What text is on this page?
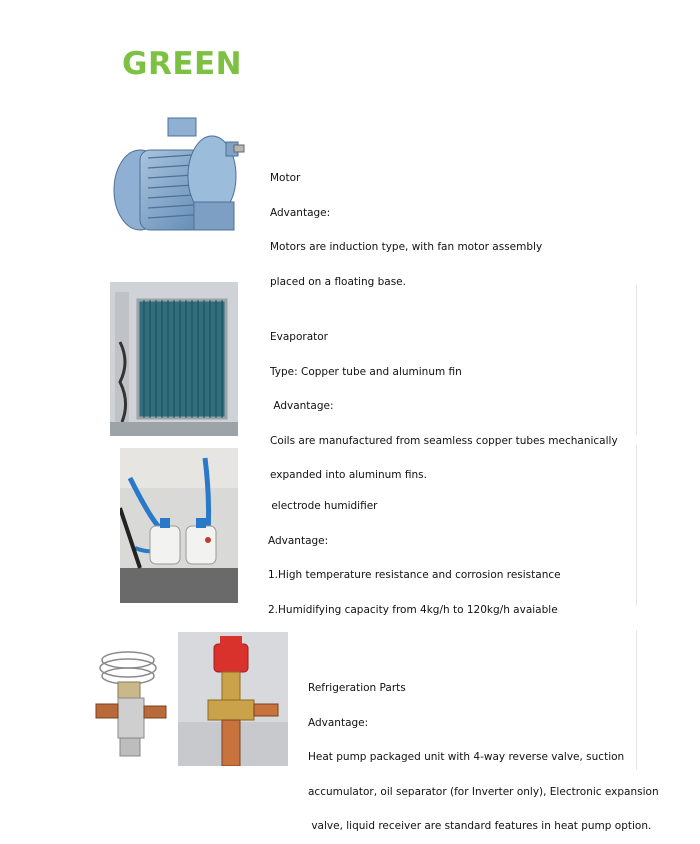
GREEN

Motor

Advantage:

Motors are induction type, with fan motor assembly

placed on a floating base.

Evaporator

Type: Copper tube and aluminum fin

Advantage:

Coils are manufactured from seamless copper tubes mechanically

expanded into aluminum fins.

electrode humidifier

Advantage:

1.High temperature resistance and corrosion resistance

2.Humidifying capacity from 4kg/h to 120kg/h avaiable

Refrigeration Parts

Advantage:

Heat pump packaged unit with 4-way reverse valve, suction

accumulator, oil separator (for Inverter only), Electronic expansion

valve, liquid receiver are standard features in heat pump option.
